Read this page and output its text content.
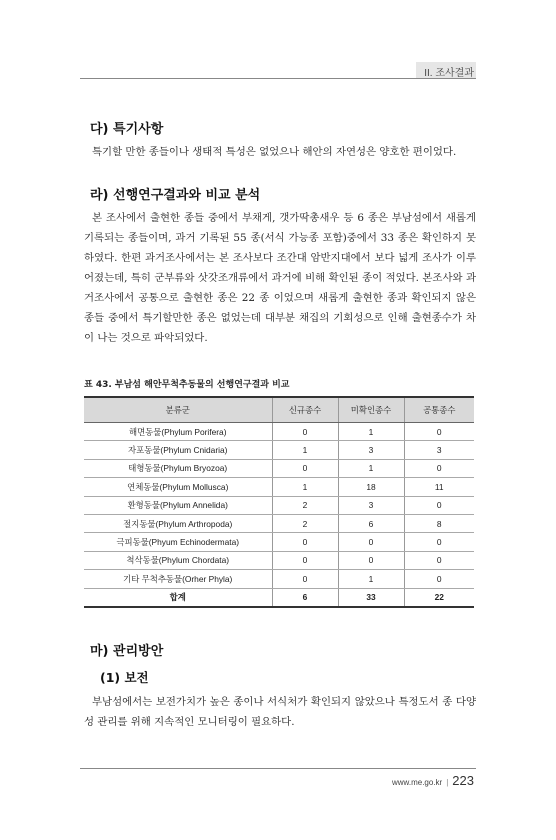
II. 조사결과
다) 특기사항

특기할 만한 종들이나 생태적 특성은 없었으나 해안의 자연성은 양호한 편이었다.

라) 선행연구결과와 비교 분석

본 조사에서 출현한 종들 중에서 부채게, 갯가딱총새우 등 6 종은 부남섬에서 새롭게 기록되는 종들이며, 과거 기록된 55 종(서식 가능종 포함)중에서 33 종은 확인하지 못하였다. 한편 과거조사에서는 본 조사보다 조간대 암반지대에서 보다 넓게 조사가 이루어졌는데, 특히 군부류와 삿갓조개류에서 과거에 비해 확인된 종이 적었다. 본조사와 과거조사에서 공통으로 출현한 종은 22 종 이었으며 새롭게 출현한 종과 확인되지 않은 종들 중에서 특기할만한 종은 없었는데 대부분 채집의 기회성으로 인해 출현종수가 차이 나는 것으로 파악되었다.

표 43. 부남섬 해안무척추동물의 선행연구결과 비교
분류군	신규종수	미확인종수	공통종수
해면동물(Phylum Porifera)	0	1	0
자포동물(Phylum Cnidaria)	1	3	3
태형동물(Phylum Bryozoa)	0	1	0
연체동물(Phylum Mollusca)	1	18	11
환형동물(Phylum Annelida)	2	3	0
절지동물(Phylum Arthropoda)	2	6	8
극피동물(Phyum Echinodermata)	0	0	0
척삭동물(Phylum Chordata)	0	0	0
기타 무척추동물(Orher Phyla)	0	1	0
합계	6	33	22
마) 관리방안
(1) 보전

부남섬에서는 보전가치가 높은 종이나 서식처가 확인되지 않았으나 특정도서 종 다양성 관리를 위해 지속적인 모니터링이 필요하다.

www.me.go.kr | 223
